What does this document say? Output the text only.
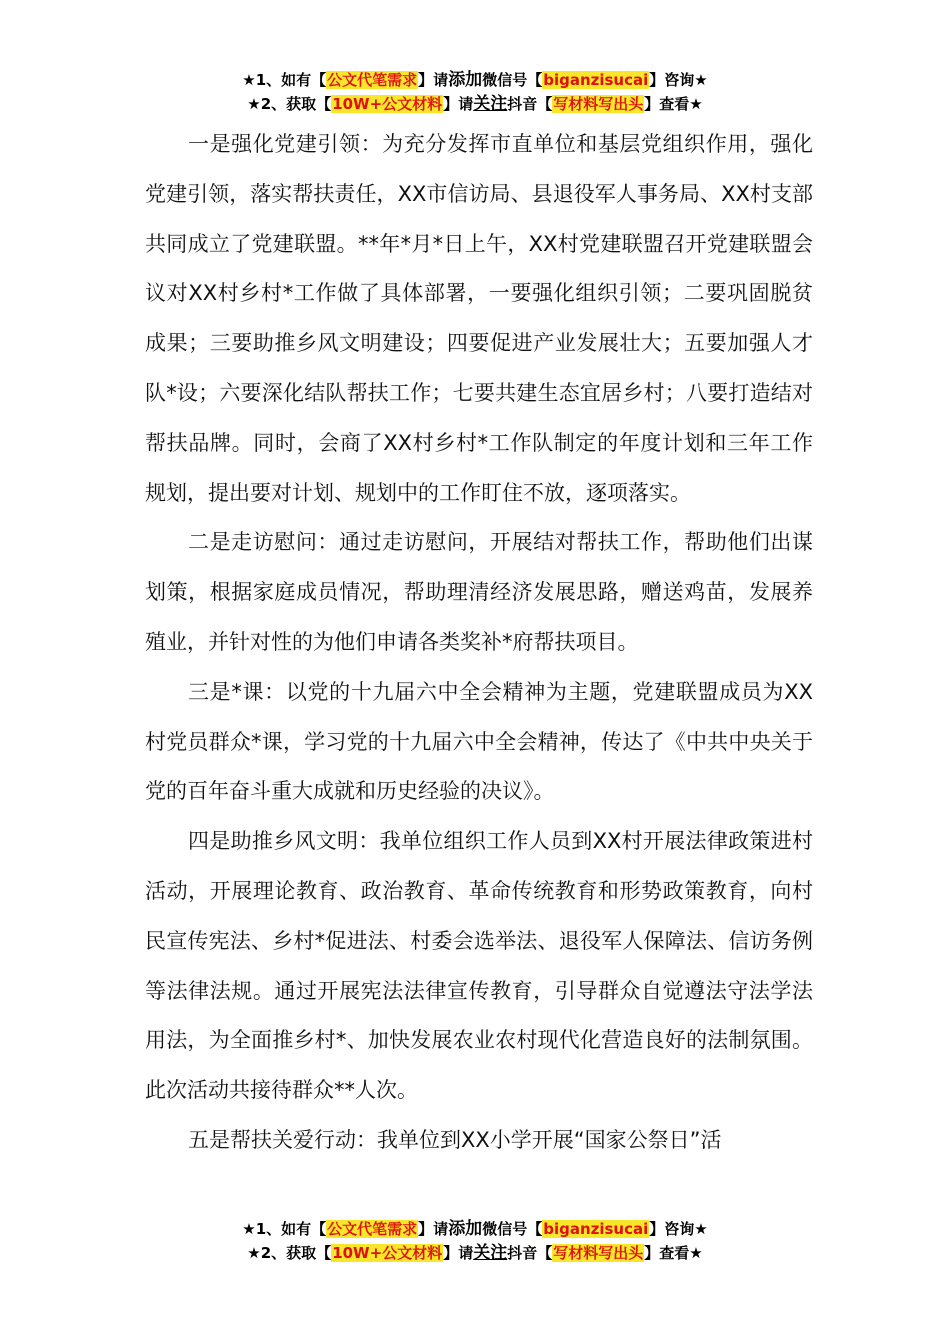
★1、如有【公文代笔需求】请添加微信号【biganzisucai】咨询★
★2、获取【10W+公文材料】请关注抖音【写材料写出头】查看★

一是强化党建引领：为充分发挥市直单位和基层党组织作用，强化党建引领，落实帮扶责任，XX市信访局、县退役军人事务局、XX村支部共同成立了党建联盟。**年*月*日上午，XX村党建联盟召开党建联盟会议对XX村乡村*工作做了具体部署，一要强化组织引领；二要巩固脱贫成果；三要助推乡风文明建设；四要促进产业发展壮大；五要加强人才队*设；六要深化结队帮扶工作；七要共建生态宜居乡村；八要打造结对帮扶品牌。同时，会商了XX村乡村*工作队制定的年度计划和三年工作规划，提出要对计划、规划中的工作盯住不放，逐项落实。

二是走访慰问：通过走访慰问，开展结对帮扶工作，帮助他们出谋划策，根据家庭成员情况，帮助理清经济发展思路，赠送鸡苗，发展养殖业，并针对性的为他们申请各类奖补*府帮扶项目。

三是*课：以党的十九届六中全会精神为主题，党建联盟成员为XX村党员群众*课，学习党的十九届六中全会精神，传达了《中共中央关于党的百年奋斗重大成就和历史经验的决议》。

四是助推乡风文明：我单位组织工作人员到XX村开展法律政策进村活动，开展理论教育、政治教育、革命传统教育和形势政策教育，向村民宣传宪法、乡村*促进法、村委会选举法、退役军人保障法、信访务例等法律法规。通过开展宪法法律宣传教育，引导群众自觉遵法守法学法用法，为全面推乡村*、加快发展农业农村现代化营造良好的法制氛围。此次活动共接待群众**人次。

五是帮扶关爱行动：我单位到XX小学开展“国家公祭日”活

★1、如有【公文代笔需求】请添加微信号【biganzisucai】咨询★
★2、获取【10W+公文材料】请关注抖音【写材料写出头】查看★
